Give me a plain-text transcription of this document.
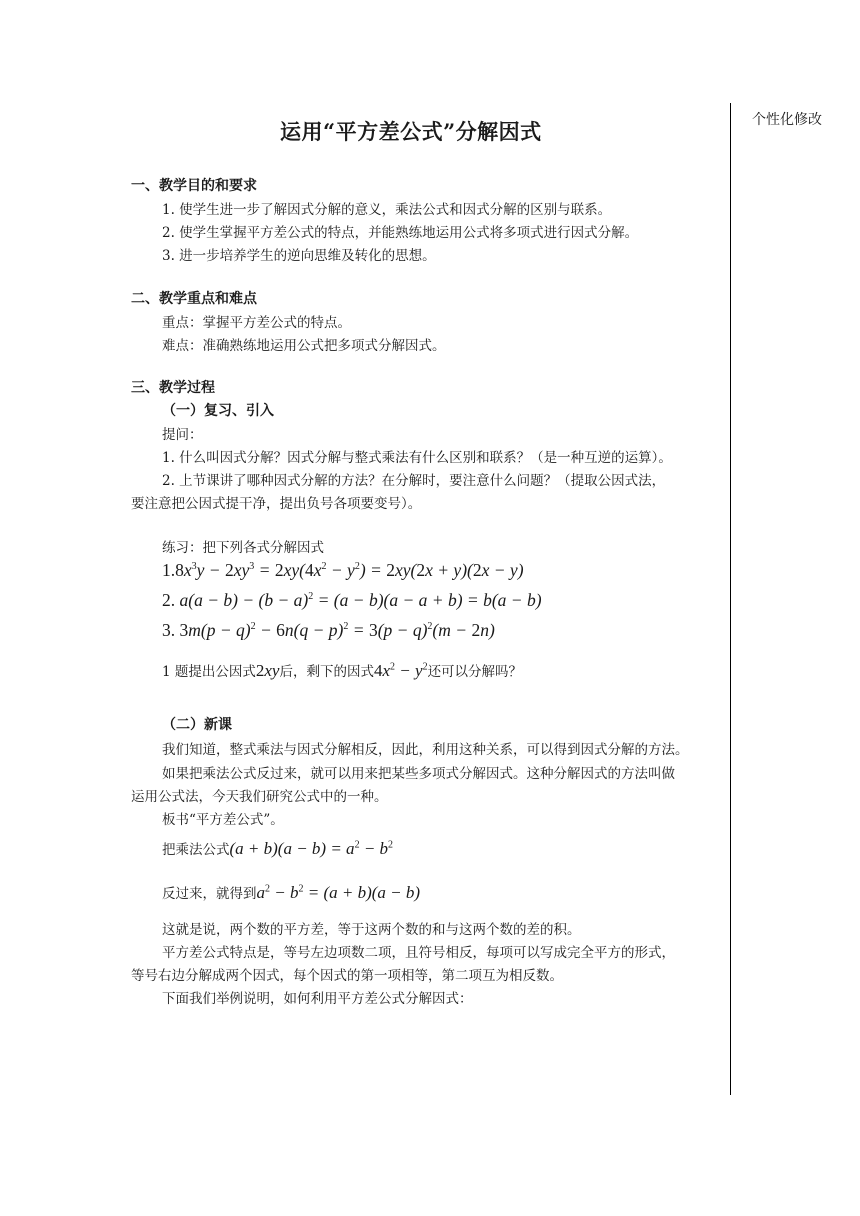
个性化修改
运用“平方差公式”分解因式
一、教学目的和要求
1. 使学生进一步了解因式分解的意义，乘法公式和因式分解的区别与联系。
2. 使学生掌握平方差公式的特点，并能熟练地运用公式将多项式进行因式分解。
3. 进一步培养学生的逆向思维及转化的思想。
二、教学重点和难点
重点：掌握平方差公式的特点。
难点：准确熟练地运用公式把多项式分解因式。
三、教学过程
（一）复习、引入
提问：
1. 什么叫因式分解？因式分解与整式乘法有什么区别和联系？（是一种互逆的运算）。
2. 上节课讲了哪种因式分解的方法？在分解时，要注意什么问题？（提取公因式法，
要注意把公因式提干净，提出负号各项要变号）。
练习：把下列各式分解因式
$1.8x^3y - 2xy^3 = 2xy(4x^2 - y^2) = 2xy(2x + y)(2x - y)$
2. $a(a - b) - (b - a)^2 = (a - b)(a - a + b) = b(a - b)$
3. $3m(p - q)^2 - 6n(q - p)^2 = 3(p - q)^2(m - 2n)$
1 题提出公因式2xy后，剩下的因式$4x^2 - y^2$还可以分解吗？
（二）新课
我们知道，整式乘法与因式分解相反，因此，利用这种关系，可以得到因式分解的方法。
如果把乘法公式反过来，就可以用来把某些多项式分解因式。这种分解因式的方法叫做
运用公式法，今天我们研究公式中的一种。
板书“平方差公式”。
把乘法公式$(a + b)(a - b) = a^2 - b^2$
反过来，就得到$a^2 - b^2 = (a + b)(a - b)$
这就是说，两个数的平方差，等于这两个数的和与这两个数的差的积。
平方差公式特点是，等号左边项数二项，且符号相反，每项可以写成完全平方的形式，
等号右边分解成两个因式，每个因式的第一项相等，第二项互为相反数。
下面我们举例说明，如何利用平方差公式分解因式：
